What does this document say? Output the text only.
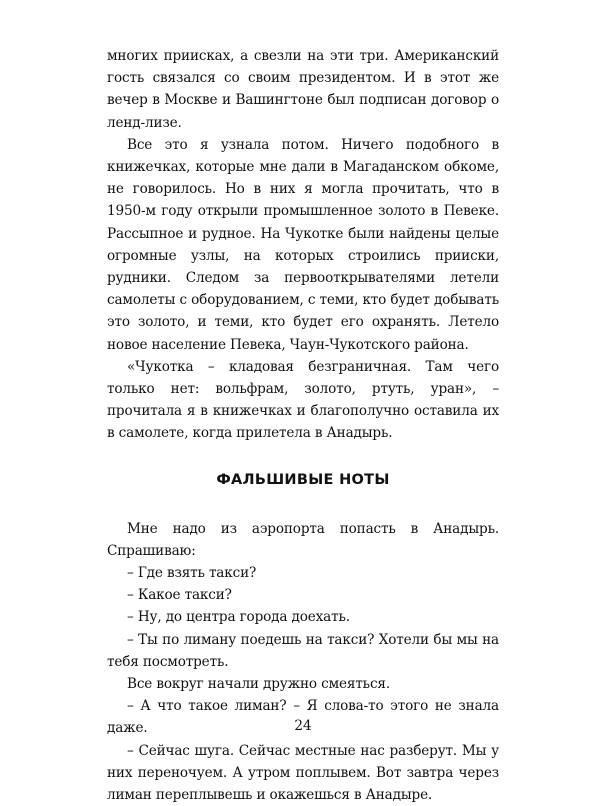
многих приисках, а свезли на эти три. Американский гость связался со своим президентом. И в этот же вечер в Москве и Вашингтоне был подписан договор о ленд-лизе.

Все это я узнала потом. Ничего подобного в книжечках, которые мне дали в Магаданском обкоме, не говорилось. Но в них я могла прочитать, что в 1950-м году открыли промышленное золото в Певеке. Рассыпное и рудное. На Чукотке были найдены целые огромные узлы, на которых строились прииски, рудники. Следом за первооткрывателями летели самолеты с оборудованием, с теми, кто будет добывать это золото, и теми, кто будет его охранять. Летело новое население Певека, Чаун-Чукотского района.

«Чукотка – кладовая безграничная. Там чего только нет: вольфрам, золото, ртуть, уран», – прочитала я в книжечках и благополучно оставила их в самолете, когда прилетела в Анадырь.

ФАЛЬШИВЫЕ НОТЫ

Мне надо из аэропорта попасть в Анадырь. Спрашиваю:

– Где взять такси?

– Какое такси?

– Ну, до центра города доехать.

– Ты по лиману поедешь на такси? Хотели бы мы на тебя посмотреть.

Все вокруг начали дружно смеяться.

– А что такое лиман? – Я слова-то этого не знала даже.

– Сейчас шуга. Сейчас местные нас разберут. Мы у них переночуем. А утром поплывем. Вот завтра через лиман переплывешь и окажешься в Анадыре.

24
